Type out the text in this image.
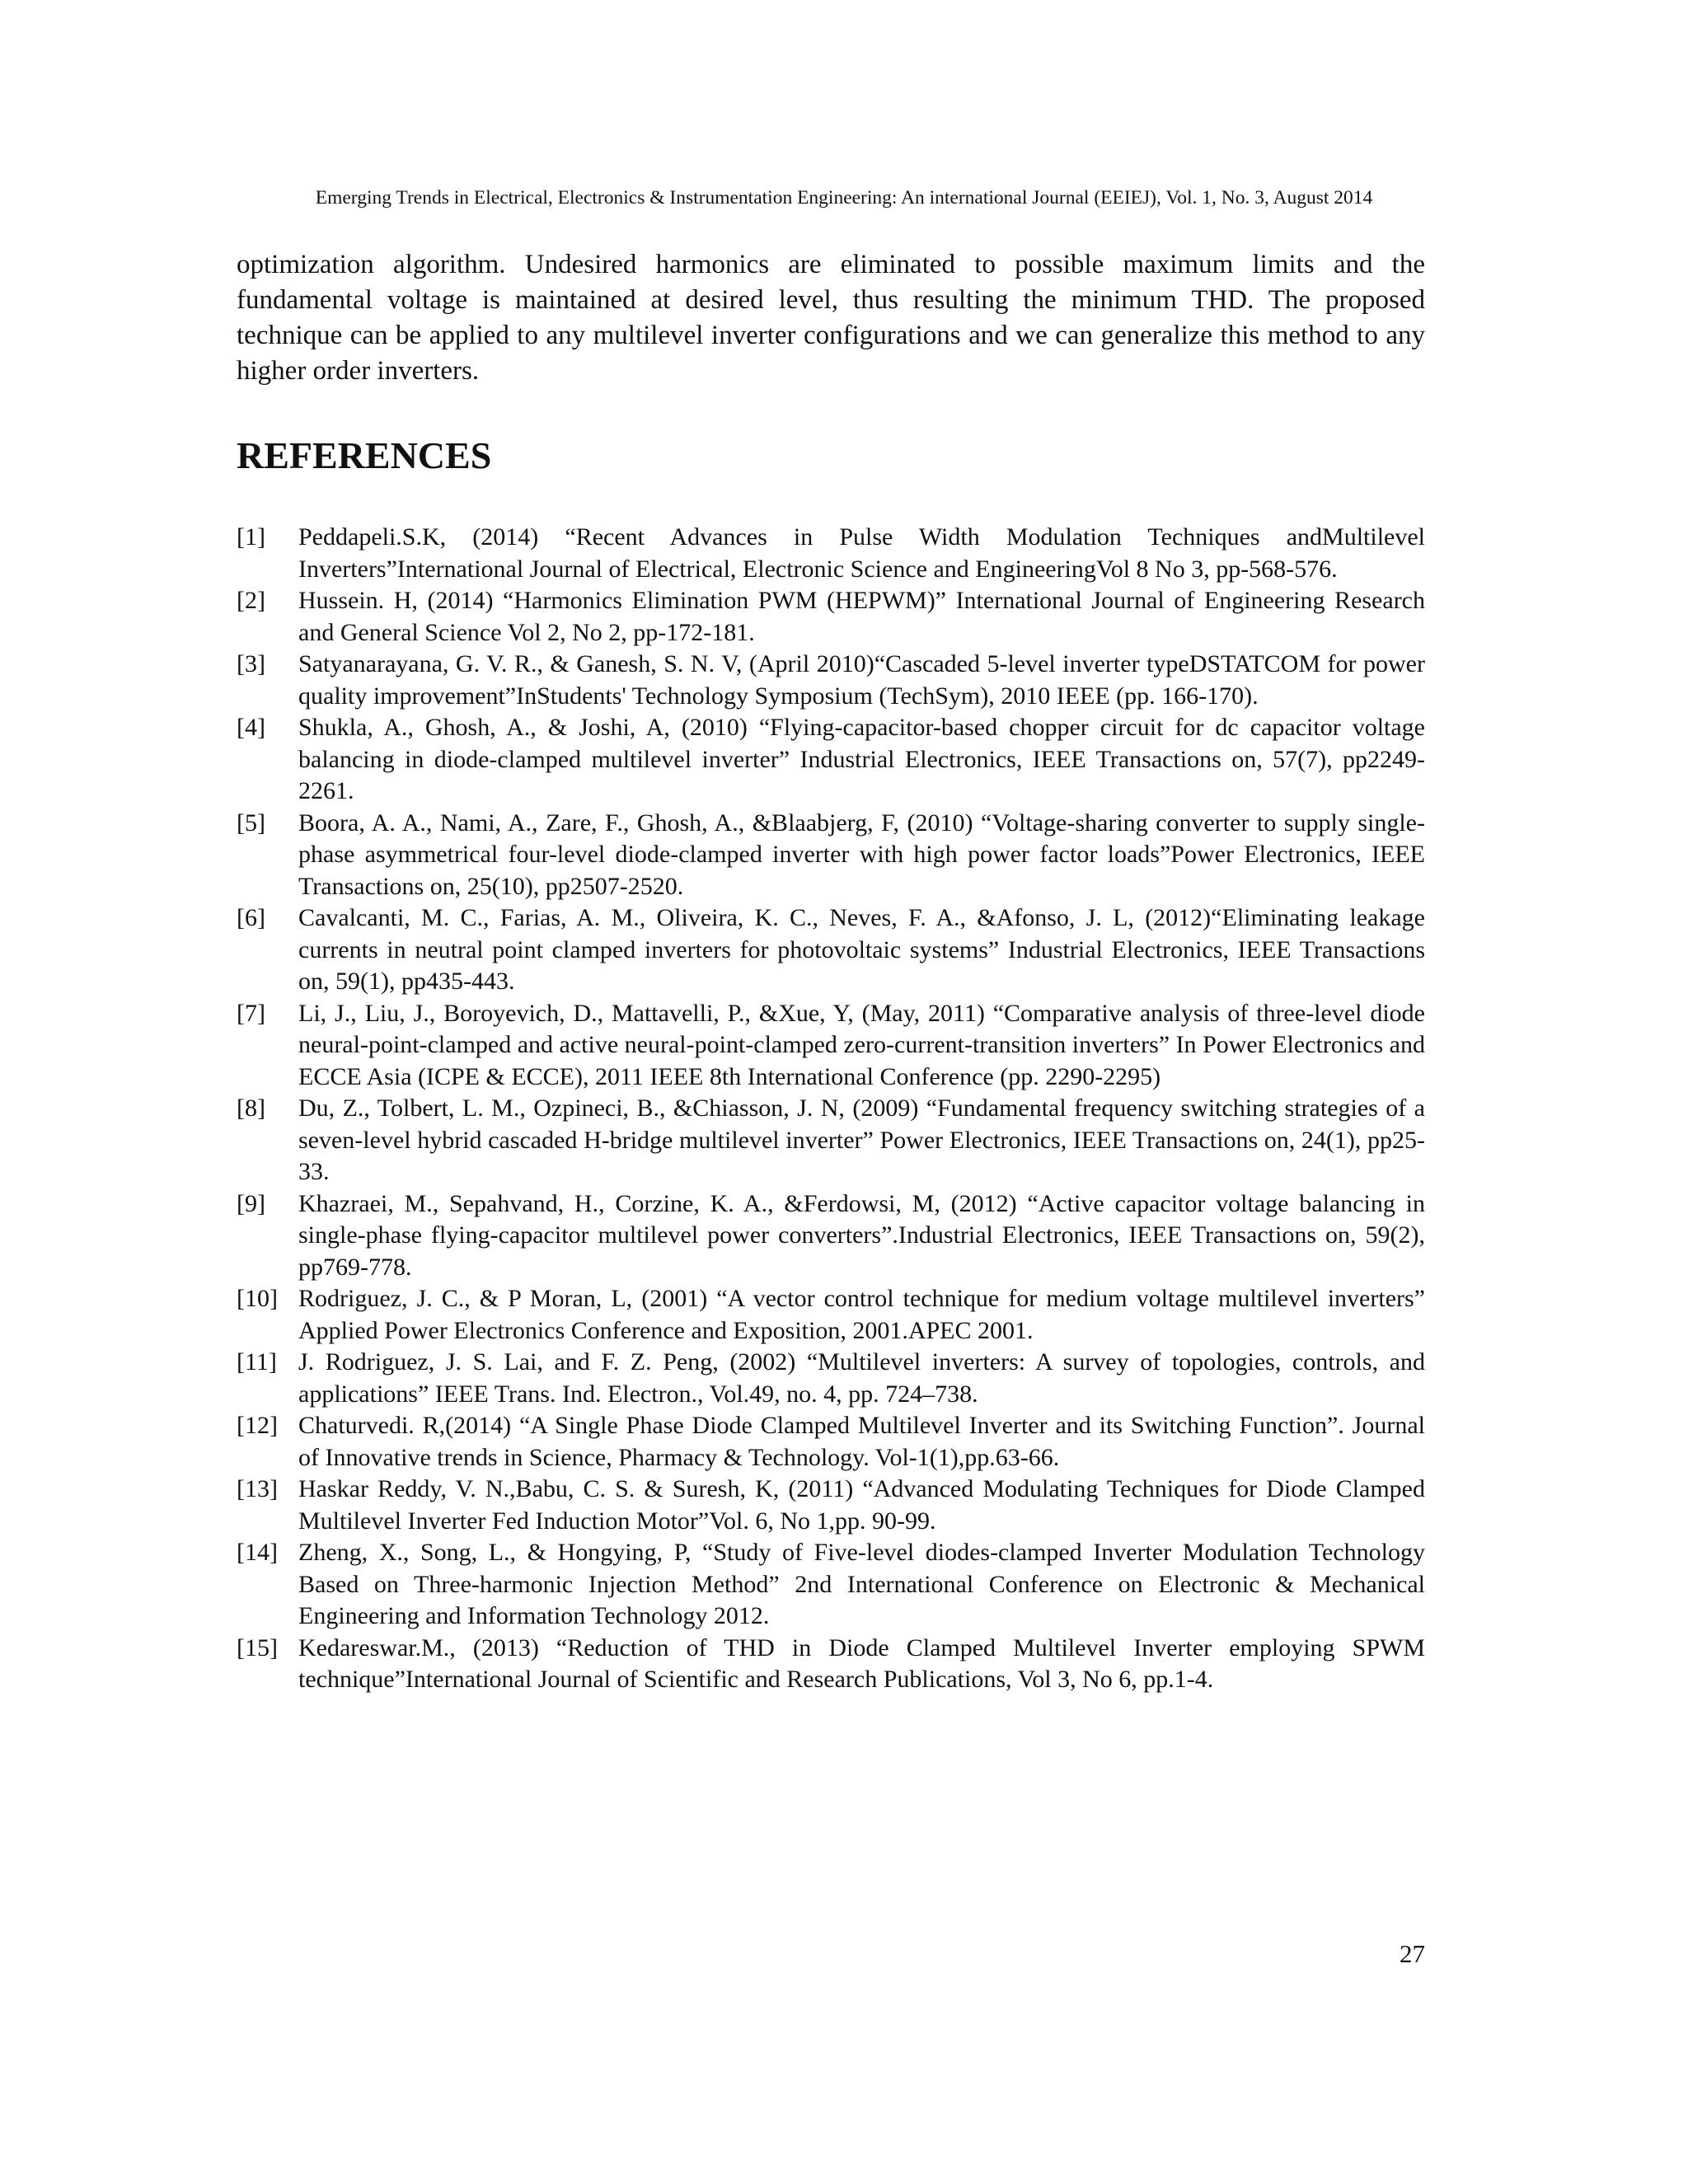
Emerging Trends in Electrical, Electronics & Instrumentation Engineering: An international Journal (EEIEJ), Vol. 1, No. 3, August 2014

optimization algorithm. Undesired harmonics are eliminated to possible maximum limits and the fundamental voltage is maintained at desired level, thus resulting the minimum THD. The proposed technique can be applied to any multilevel inverter configurations and we can generalize this method to any higher order inverters.

REFERENCES
[1]	Peddapeli.S.K, (2014) “Recent Advances in Pulse Width Modulation Techniques andMultilevel Inverters”International Journal of Electrical, Electronic Science and EngineeringVol 8 No 3, pp-568-576.
[2]	Hussein. H, (2014) “Harmonics Elimination PWM (HEPWM)” International Journal of Engineering Research and General Science Vol 2, No 2, pp-172-181.
[3]	Satyanarayana, G. V. R., & Ganesh, S. N. V, (April 2010)“Cascaded 5-level inverter typeDSTATCOM for power quality improvement”InStudents' Technology Symposium (TechSym), 2010 IEEE (pp. 166-170).
[4]	Shukla, A., Ghosh, A., & Joshi, A, (2010) “Flying-capacitor-based chopper circuit for dc capacitor voltage balancing in diode-clamped multilevel inverter” Industrial Electronics, IEEE Transactions on, 57(7), pp2249-2261.
[5]	Boora, A. A., Nami, A., Zare, F., Ghosh, A., &Blaabjerg, F, (2010) “Voltage-sharing converter to supply single-phase asymmetrical four-level diode-clamped inverter with high power factor loads”Power Electronics, IEEE Transactions on, 25(10), pp2507-2520.
[6]	Cavalcanti, M. C., Farias, A. M., Oliveira, K. C., Neves, F. A., &Afonso, J. L, (2012)“Eliminating leakage currents in neutral point clamped inverters for photovoltaic systems” Industrial Electronics, IEEE Transactions on, 59(1), pp435-443.
[7]	Li, J., Liu, J., Boroyevich, D., Mattavelli, P., &Xue, Y, (May, 2011) “Comparative analysis of three-level diode neural-point-clamped and active neural-point-clamped zero-current-transition inverters” In Power Electronics and ECCE Asia (ICPE & ECCE), 2011 IEEE 8th International Conference (pp. 2290-2295)
[8]	Du, Z., Tolbert, L. M., Ozpineci, B., &Chiasson, J. N, (2009) “Fundamental frequency switching strategies of a seven-level hybrid cascaded H-bridge multilevel inverter” Power Electronics, IEEE Transactions on, 24(1), pp25-33.
[9]	Khazraei, M., Sepahvand, H., Corzine, K. A., &Ferdowsi, M, (2012) “Active capacitor voltage balancing in single-phase flying-capacitor multilevel power converters”.Industrial Electronics, IEEE Transactions on, 59(2), pp769-778.
[10] Rodriguez, J. C., & P Moran, L, (2001) “A vector control technique for medium voltage multilevel inverters” Applied Power Electronics Conference and Exposition, 2001.APEC 2001.
[11] J. Rodriguez, J. S. Lai, and F. Z. Peng, (2002) “Multilevel inverters: A survey of topologies, controls, and applications” IEEE Trans. Ind. Electron., Vol.49, no. 4, pp. 724–738.
[12] Chaturvedi. R,(2014) “A Single Phase Diode Clamped Multilevel Inverter and its Switching Function”. Journal of Innovative trends in Science, Pharmacy & Technology. Vol-1(1),pp.63-66.
[13] Haskar Reddy, V. N.,Babu, C. S. & Suresh, K, (2011) “Advanced Modulating Techniques for Diode Clamped Multilevel Inverter Fed Induction Motor”Vol. 6, No 1,pp. 90-99.
[14] Zheng, X., Song, L., & Hongying, P, “Study of Five-level diodes-clamped Inverter Modulation Technology Based on Three-harmonic Injection Method” 2nd International Conference on Electronic & Mechanical Engineering and Information Technology 2012.
[15] Kedareswar.M., (2013) “Reduction of THD in Diode Clamped Multilevel Inverter employing SPWM technique”International Journal of Scientific and Research Publications, Vol 3, No 6, pp.1-4.
27
